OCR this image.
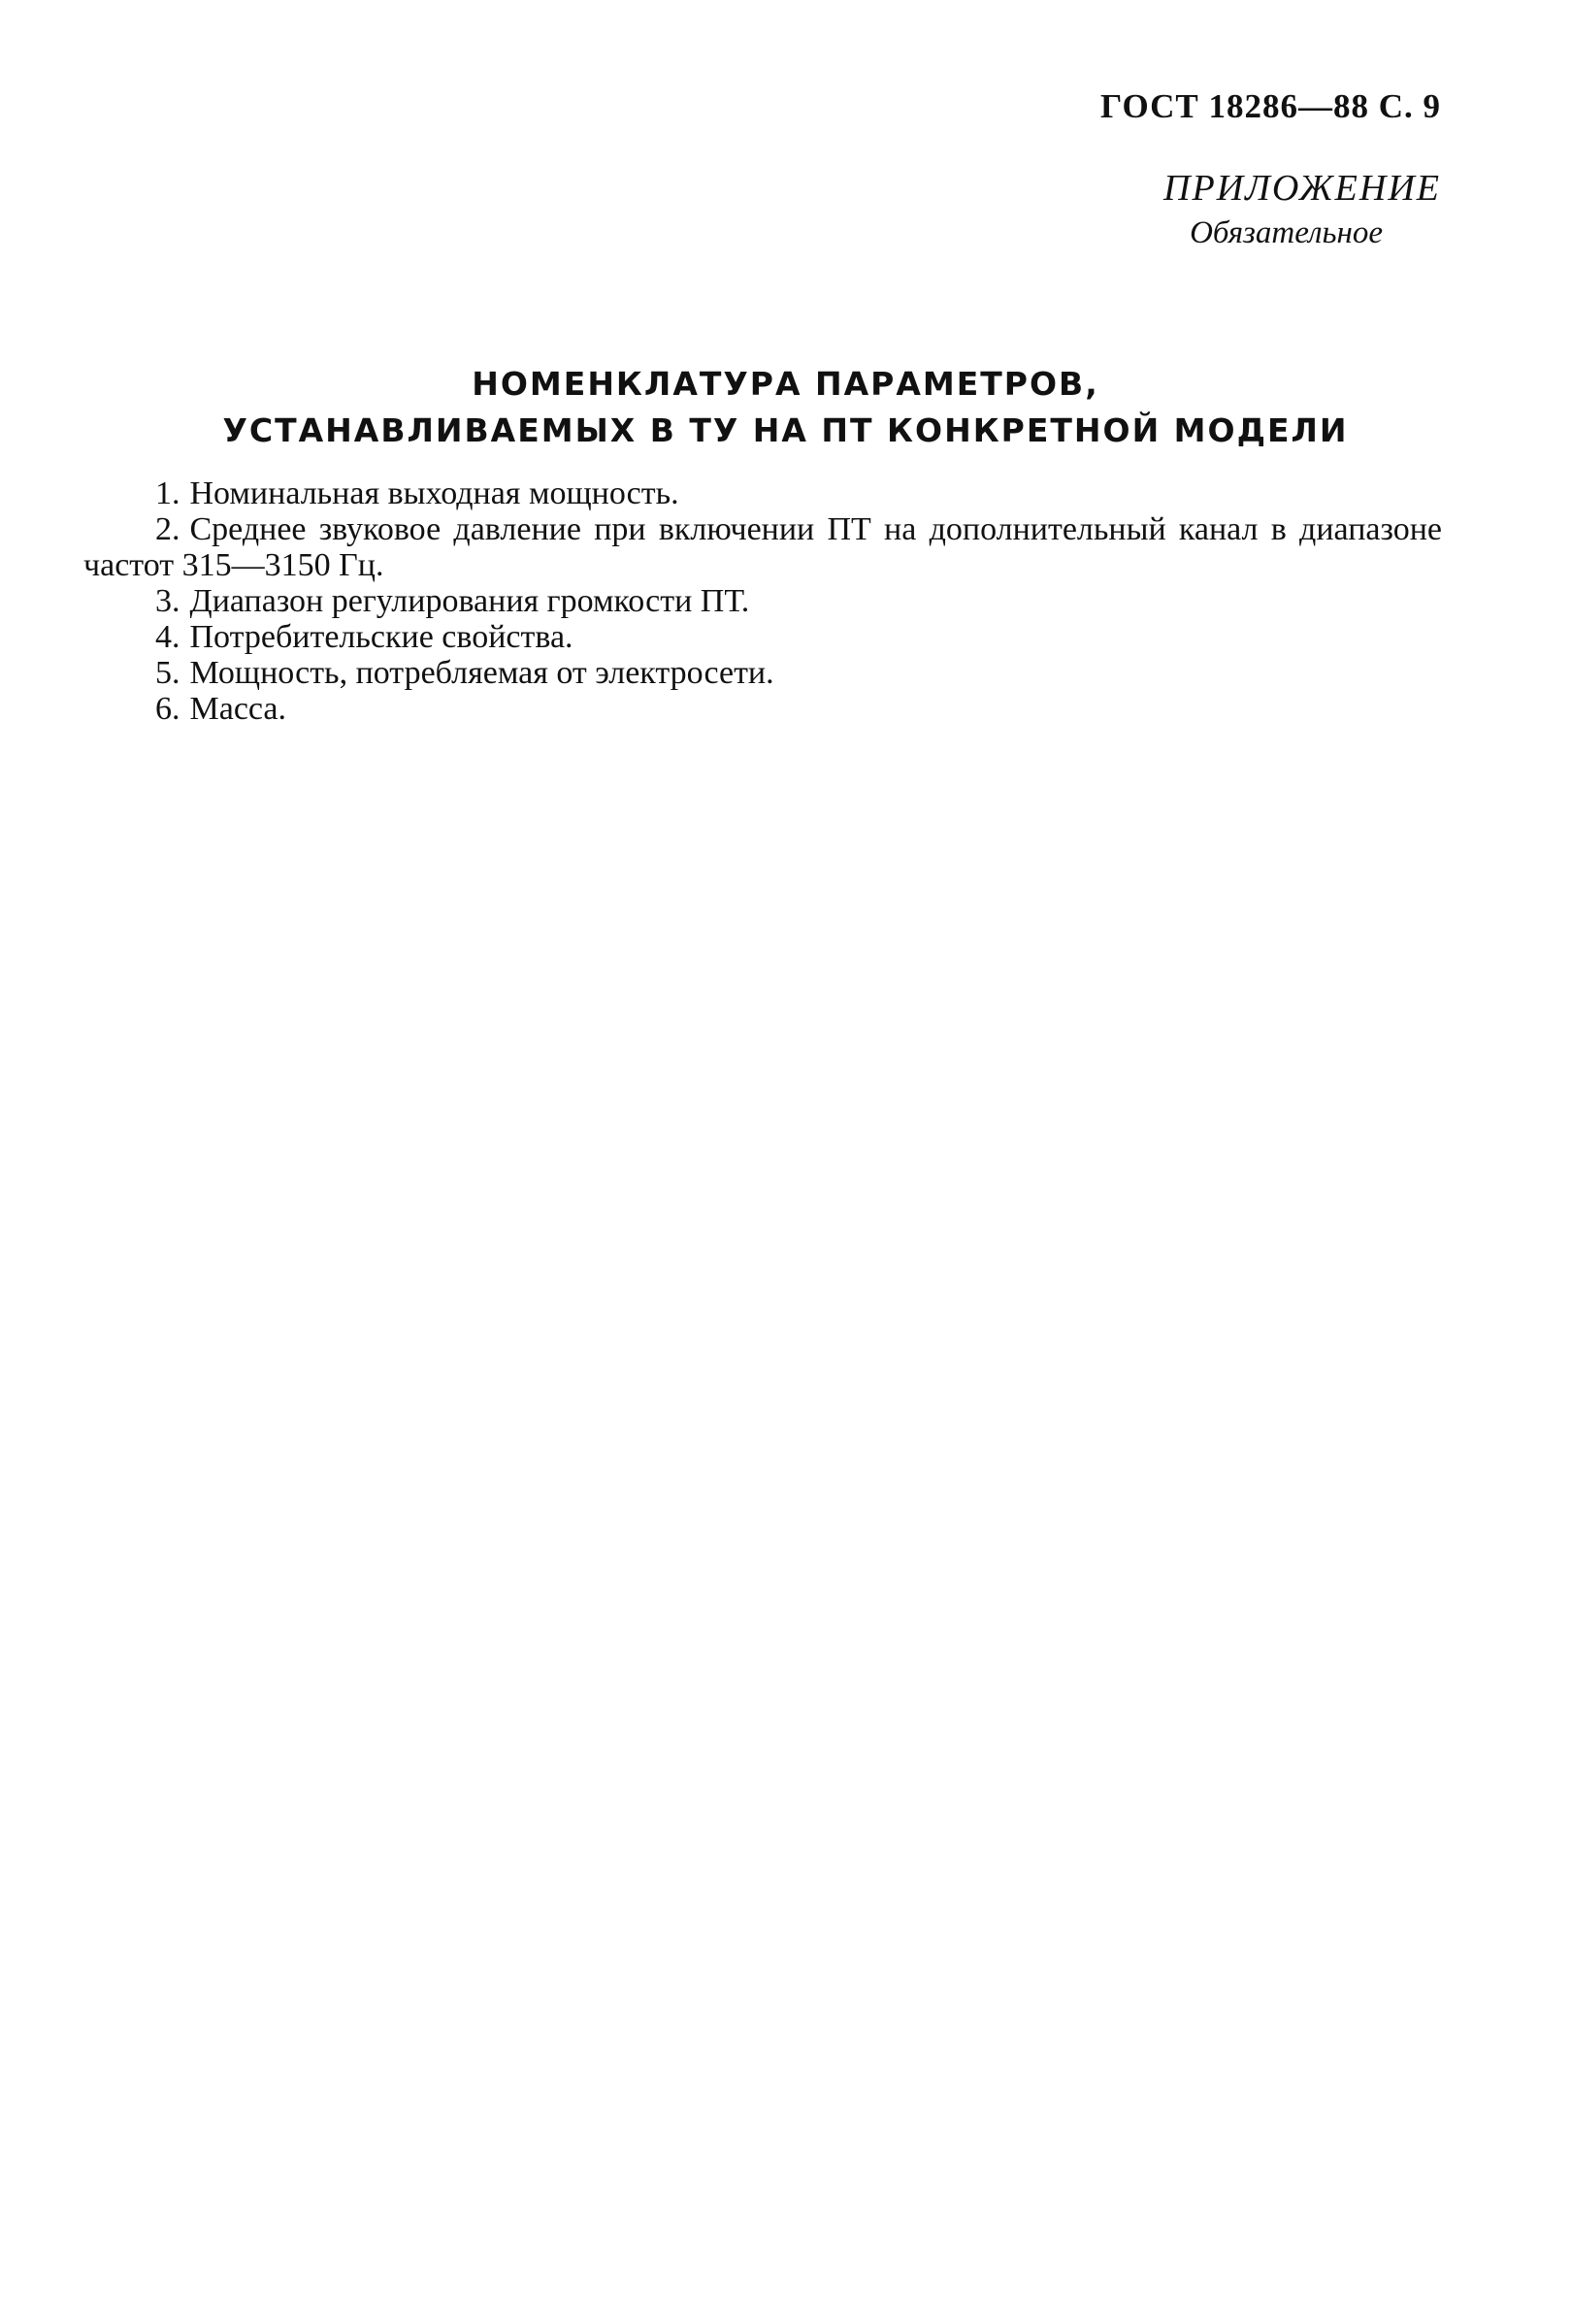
ГОСТ 18286—88 С. 9
ПРИЛОЖЕНИЕ
Обязательное
НОМЕНКЛАТУРА ПАРАМЕТРОВ,
УСТАНАВЛИВАЕМЫХ В ТУ НА ПТ КОНКРЕТНОЙ МОДЕЛИ

1. Номинальная выходная мощность.

2. Среднее звуковое давление при включении ПТ на дополнительный канал в диапазоне частот 315—3150 Гц.

3. Диапазон регулирования громкости ПТ.

4. Потребительские свойства.

5. Мощность, потребляемая от электросети.

6. Масса.
